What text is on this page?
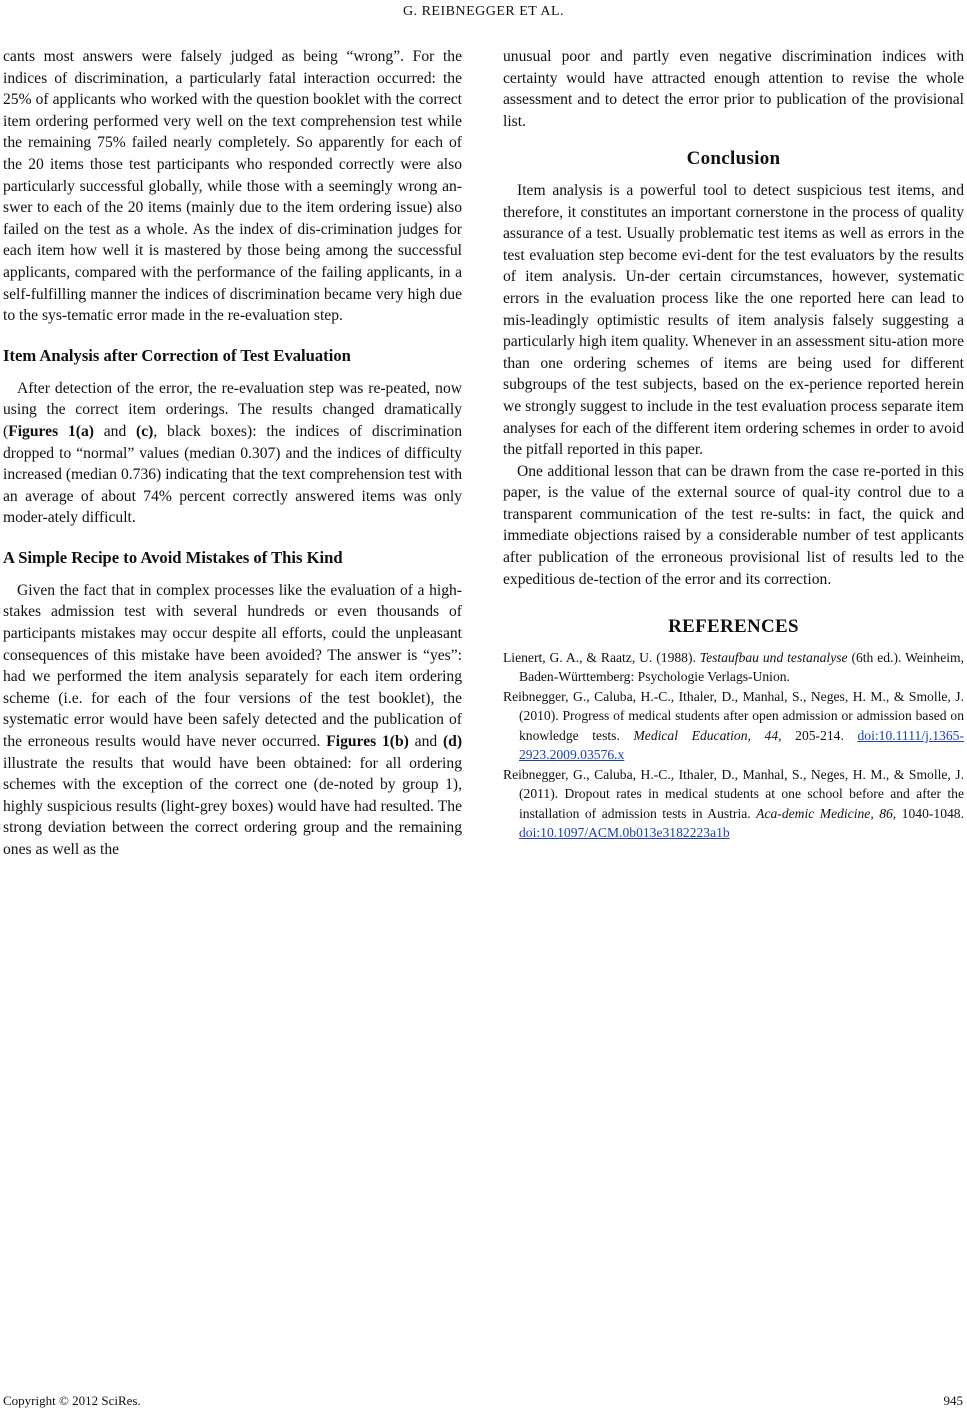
G. REIBNEGGER ET AL.

cants most answers were falsely judged as being “wrong”. For the indices of discrimination, a particularly fatal interaction occurred: the 25% of applicants who worked with the question booklet with the correct item ordering performed very well on the text comprehension test while the remaining 75% failed nearly completely. So apparently for each of the 20 items those test participants who responded correctly were also particularly successful globally, while those with a seemingly wrong an-swer to each of the 20 items (mainly due to the item ordering issue) also failed on the test as a whole. As the index of dis-crimination judges for each item how well it is mastered by those being among the successful applicants, compared with the performance of the failing applicants, in a self-fulfilling manner the indices of discrimination became very high due to the sys-tematic error made in the re-evaluation step.

Item Analysis after Correction of Test Evaluation

After detection of the error, the re-evaluation step was re-peated, now using the correct item orderings. The results changed dramatically (Figures 1(a) and (c), black boxes): the indices of discrimination dropped to “normal” values (median 0.307) and the indices of difficulty increased (median 0.736) indicating that the text comprehension test with an average of about 74% percent correctly answered items was only moder-ately difficult.

A Simple Recipe to Avoid Mistakes of This Kind

Given the fact that in complex processes like the evaluation of a high-stakes admission test with several hundreds or even thousands of participants mistakes may occur despite all efforts, could the unpleasant consequences of this mistake have been avoided? The answer is “yes”: had we performed the item analysis separately for each item ordering scheme (i.e. for each of the four versions of the test booklet), the systematic error would have been safely detected and the publication of the erroneous results would have never occurred. Figures 1(b) and (d) illustrate the results that would have been obtained: for all ordering schemes with the exception of the correct one (de-noted by group 1), highly suspicious results (light-grey boxes) would have had resulted. The strong deviation between the correct ordering group and the remaining ones as well as the

unusual poor and partly even negative discrimination indices with certainty would have attracted enough attention to revise the whole assessment and to detect the error prior to publication of the provisional list.

Conclusion

Item analysis is a powerful tool to detect suspicious test items, and therefore, it constitutes an important cornerstone in the process of quality assurance of a test. Usually problematic test items as well as errors in the test evaluation step become evi-dent for the test evaluators by the results of item analysis. Un-der certain circumstances, however, systematic errors in the evaluation process like the one reported here can lead to mis-leadingly optimistic results of item analysis falsely suggesting a particularly high item quality. Whenever in an assessment situ-ation more than one ordering schemes of items are being used for different subgroups of the test subjects, based on the ex-perience reported herein we strongly suggest to include in the test evaluation process separate item analyses for each of the different item ordering schemes in order to avoid the pitfall reported in this paper.

One additional lesson that can be drawn from the case re-ported in this paper, is the value of the external source of qual-ity control due to a transparent communication of the test re-sults: in fact, the quick and immediate objections raised by a considerable number of test applicants after publication of the erroneous provisional list of results led to the expeditious de-tection of the error and its correction.

REFERENCES
Lienert, G. A., & Raatz, U. (1988). Testaufbau und testanalyse (6th ed.). Weinheim, Baden-Württemberg: Psychologie Verlags-Union.
Reibnegger, G., Caluba, H.-C., Ithaler, D., Manhal, S., Neges, H. M., & Smolle, J. (2010). Progress of medical students after open admission or admission based on knowledge tests. Medical Education, 44, 205-214. doi:10.1111/j.1365-2923.2009.03576.x
Reibnegger, G., Caluba, H.-C., Ithaler, D., Manhal, S., Neges, H. M., & Smolle, J. (2011). Dropout rates in medical students at one school before and after the installation of admission tests in Austria. Aca-demic Medicine, 86, 1040-1048. doi:10.1097/ACM.0b013e3182223a1b
Copyright © 2012 SciRes.	945
